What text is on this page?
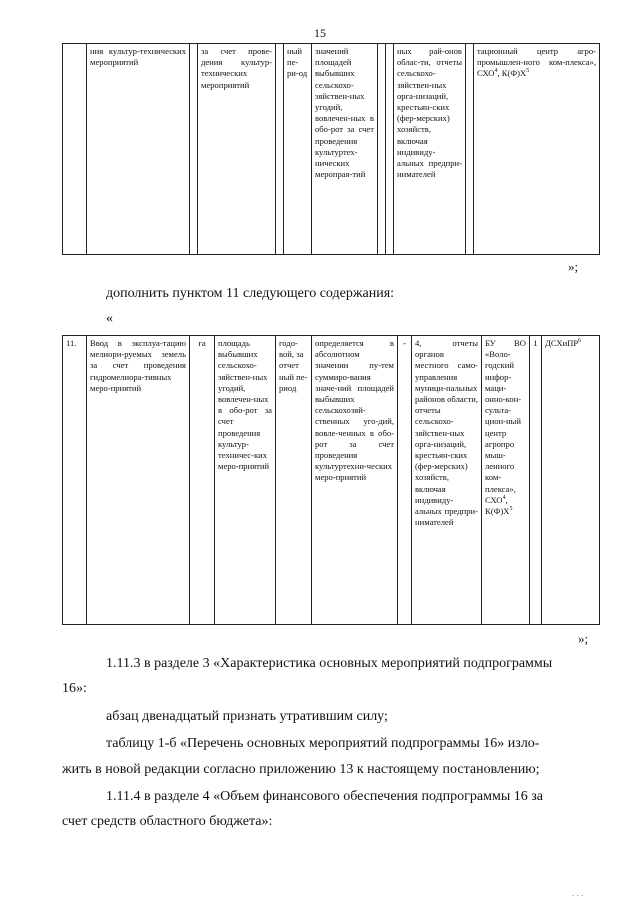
15
	ния культур-технических мероприятий		за счет прове-дения культур-технических мероприятий		ный пе-ри-од	значений площадей выбывших сельскохо-зяйствен-ных угодий, вовлечен-ных в обо-рот за счет проведения культуртех-нических меропрая-тий			ных рай-онов облас-ти, отчеты сельскохо-зяйствен-ных орга-низаций, крестьян-ских (фер-мерских) хозяйств, включая индивиду-альных предпри-нимателей		тационный центр агро-промышлен-ного ком-плекса», СХО$^4$, $К(Ф)Х^5$
»;
дополнить пунктом 11 следующего содержания:
«
11.	Ввод в эксплуа-тацию мелиори-руемых земель за счет проведения гидромелиора-тивных меро-приятий	га	площадь выбывших сельскохо-зяйствен-ных угодий, вовлечен-ных в обо-рот за счет проведения культур-техничес-ких меро-приятий	годо-вой, за отчет ный пе-риод	определяется в абсолютном значении пу-тем суммиро-вания значе-ний площадей выбывших сельскохозяй-ственных уго-дий, вовле-ченных в обо-рот за счет проведения культуртехни-ческих меро-приятий	-	4,	отчеты органов местного само-управления муници-пальных районов области, отчеты сельскохо-зяйствен-ных орга-низаций, крестьян-ских (фер-мерских) хозяйств, включая индивиду-альных предпри-нимателей	БУ ВО «Воло-годский инфор-маци-онно-кон-сульта-цион-ный центр агропро мыш-ленного ком-плекса», СХО$^4$, $К(Ф)Х^5$	1	ДСХиПР$^6$
»;
1.11.3 в разделе 3 «Характеристика основных мероприятий подпрограммы
16»:
абзац двенадцатый признать утратившим силу;
таблицу 1-б «Перечень основных мероприятий подпрограммы 16» изло-
жить в новой редакции согласно приложению 13 к настоящему постановлению;
1.11.4 в разделе 4 «Объем финансового обеспечения подпрограммы 16 за
счет средств областного бюджета»:
. . .
